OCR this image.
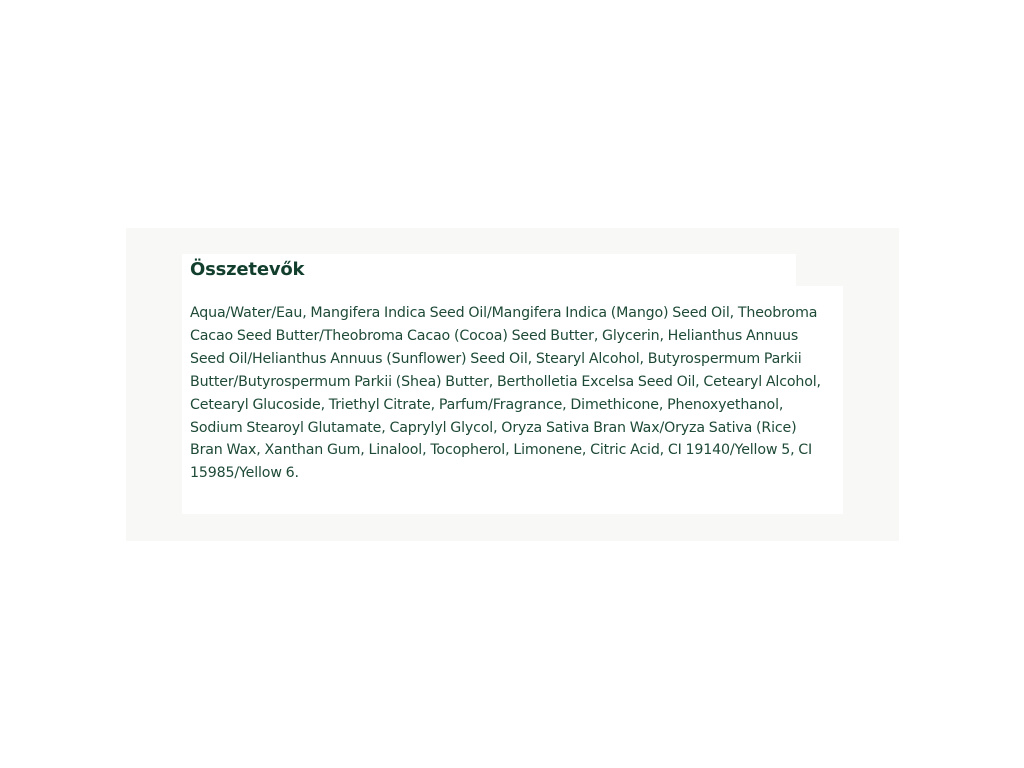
Összetevők

Aqua/Water/Eau, Mangifera Indica Seed Oil/Mangifera Indica (Mango) Seed Oil, Theobroma Cacao Seed Butter/Theobroma Cacao (Cocoa) Seed Butter, Glycerin, Helianthus Annuus Seed Oil/Helianthus Annuus (Sunflower) Seed Oil, Stearyl Alcohol, Butyrospermum Parkii Butter/Butyrospermum Parkii (Shea) Butter, Bertholletia Excelsa Seed Oil, Cetearyl Alcohol, Cetearyl Glucoside, Triethyl Citrate, Parfum/Fragrance, Dimethicone, Phenoxyethanol, Sodium Stearoyl Glutamate, Caprylyl Glycol, Oryza Sativa Bran Wax/Oryza Sativa (Rice) Bran Wax, Xanthan Gum, Linalool, Tocopherol, Limonene, Citric Acid, CI 19140/Yellow 5, CI 15985/Yellow 6.
